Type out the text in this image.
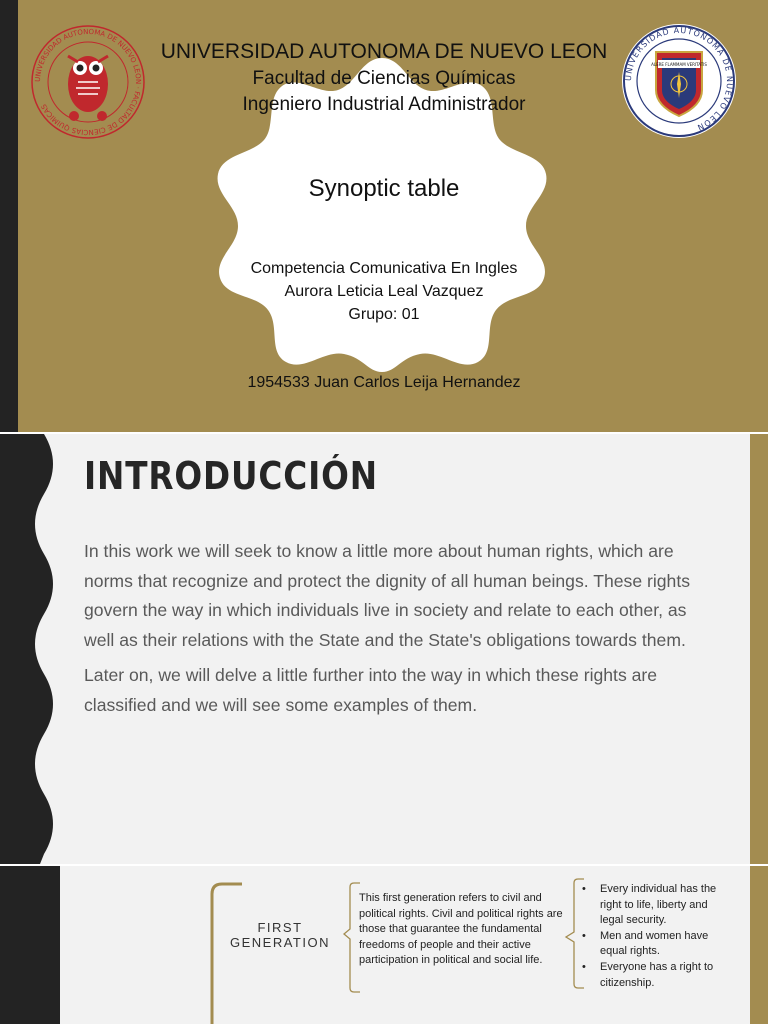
UNIVERSIDAD AUTONOMA DE NUEVO LEON · FACULTAD DE CIENCIAS QUIMICAS
UNIVERSIDAD AUTONOMA DE NUEVO LEON
ALERE FLAMMAM VERITATIS
UNIVERSIDAD AUTONOMA DE NUEVO LEON
Facultad de Ciencias Químicas
Ingeniero Industrial Administrador
Synoptic table
Competencia Comunicativa En Ingles
Aurora Leticia Leal Vazquez
Grupo: 01
1954533 Juan Carlos Leija Hernandez
INTRODUCCIÓN

In this work we will seek to know a little more about human rights, which are norms that recognize and protect the dignity of all human beings. These rights govern the way in which individuals live in society and relate to each other, as well as their relations with the State and the State's obligations towards them.

Later on, we will delve a little further into the way in which these rights are classified and we will see some examples of them.

FIRST GENERATION
This first generation refers to civil and political rights. Civil and political rights are those that guarantee the fundamental freedoms of people and their active participation in political and social life.
• Every individual has the right to life, liberty and legal security.
• Men and women have equal rights.
• Everyone has a right to citizenship.
